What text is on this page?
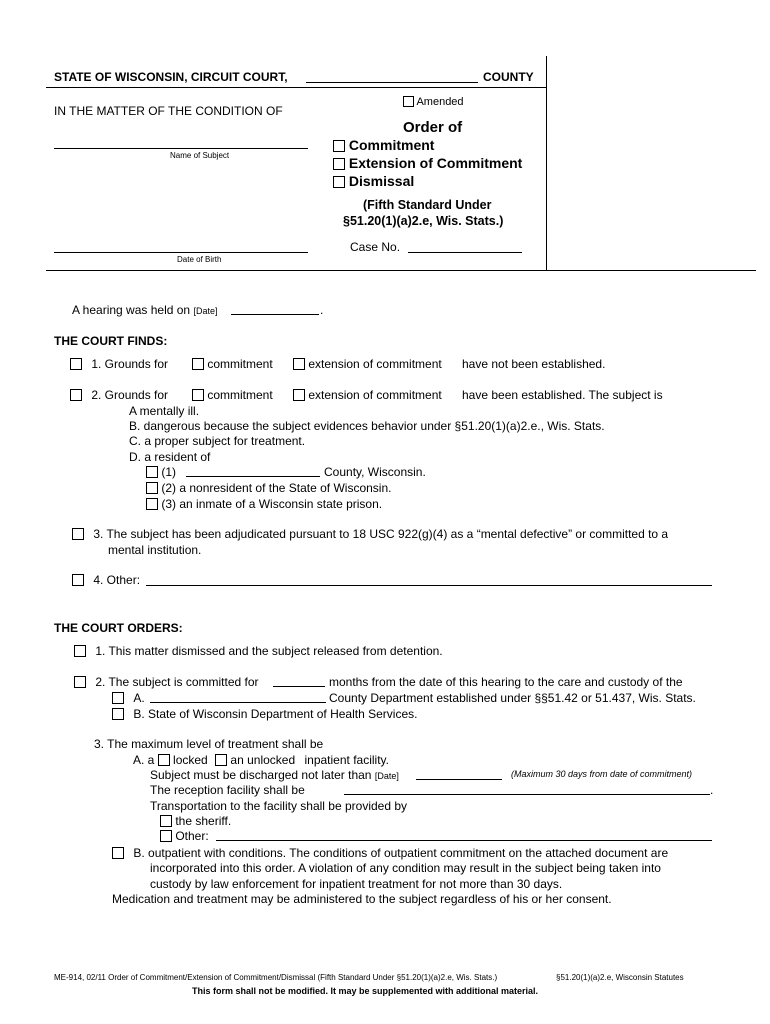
STATE OF WISCONSIN, CIRCUIT COURT,	COUNTY
IN THE MATTER OF THE CONDITION OF
Name of Subject
Date of Birth
Amended
Order of
Commitment
Extension of Commitment
Dismissal
(Fifth Standard Under
§51.20(1)(a)2.e, Wis. Stats.)
Case No.
A hearing was held on [Date]	.
THE COURT FINDS:
1. Grounds for	commitment	extension of commitment have not been established.
2. Grounds for	commitment	extension of commitment have been established. The subject is
A mentally ill.
B. dangerous because the subject evidences behavior under §51.20(1)(a)2.e., Wis. Stats.
C. a proper subject for treatment.
D. a resident of
(1)	County, Wisconsin.
(2) a nonresident of the State of Wisconsin.
(3) an inmate of a Wisconsin state prison.
3. The subject has been adjudicated pursuant to 18 USC 922(g)(4) as a “mental defective” or committed to a
mental institution.
4. Other:
THE COURT ORDERS:
1. This matter dismissed and the subject released from detention.
2. The subject is committed for	months from the date of this hearing to the care and custody of the
A.	County Department established under §§51.42 or 51.437, Wis. Stats.
B. State of Wisconsin Department of Health Services.
3. The maximum level of treatment shall be
A. a locked an unlocked inpatient facility.
Subject must be discharged not later than [Date]	(Maximum 30 days from date of commitment)
The reception facility shall be	.
Transportation to the facility shall be provided by
the sheriff.
Other:
B. outpatient with conditions. The conditions of outpatient commitment on the attached document are
incorporated into this order. A violation of any condition may result in the subject being taken into
custody by law enforcement for inpatient treatment for not more than 30 days.
Medication and treatment may be administered to the subject regardless of his or her consent.
ME-914, 02/11 Order of Commitment/Extension of Commitment/Dismissal (Fifth Standard Under §51.20(1)(a)2.e, Wis. Stats.)	§51.20(1)(a)2.e, Wisconsin Statutes
This form shall not be modified. It may be supplemented with additional material.
